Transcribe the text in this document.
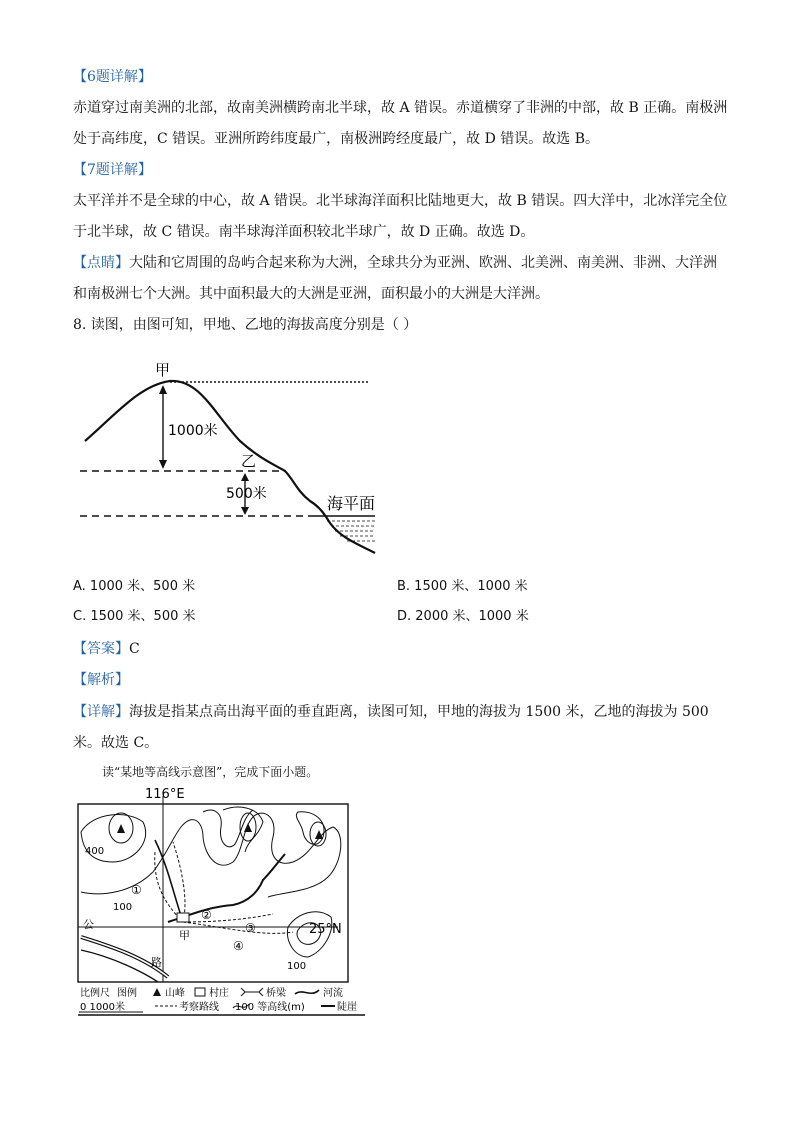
【6题详解】
赤道穿过南美洲的北部，故南美洲横跨南北半球，故 A 错误。赤道横穿了非洲的中部，故 B 正确。南极洲
处于高纬度，C 错误。亚洲所跨纬度最广，南极洲跨经度最广，故 D 错误。故选 B。
【7题详解】
太平洋并不是全球的中心，故 A 错误。北半球海洋面积比陆地更大，故 B 错误。四大洋中，北冰洋完全位
于北半球，故 C 错误。南半球海洋面积较北半球广，故 D 正确。故选 D。
【点睛】大陆和它周围的岛屿合起来称为大洲，全球共分为亚洲、欧洲、北美洲、南美洲、非洲、大洋洲
和南极洲七个大洲。其中面积最大的大洲是亚洲，面积最小的大洲是大洋洲。
8. 读图，由图可知，甲地、乙地的海拔高度分别是（ ）
甲
乙
1000米
500米	海平面
A. 1000 米、500 米	B. 1500 米、1000 米
C. 1500 米、500 米	D. 2000 米、1000 米
【答案】C
【解析】
【详解】海拔是指某点高出海平面的垂直距离，读图可知，甲地的海拔为 1500 米，乙地的海拔为 500
米。故选 C。
读“某地等高线示意图”，完成下面小题。
116°E
25°N
400
100
100
①
②
③
④
甲
公
路
比例尺 图例	山峰 村庄	桥梁	河流
0 1000米	考察路线 100 等高线(m)	陡崖
